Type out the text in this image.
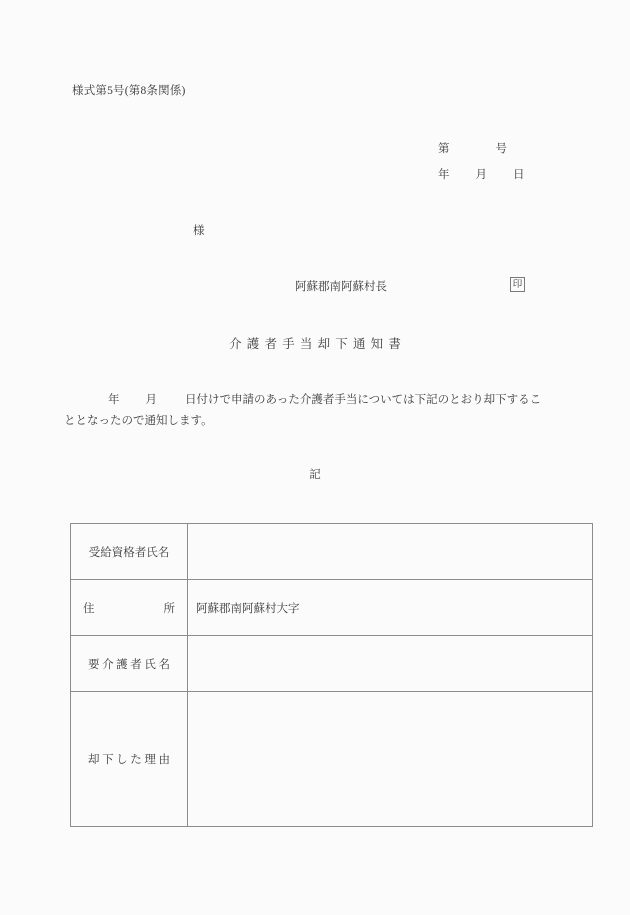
様式第5号(第8条関係)
第	号
年 月 日
様
阿蘇郡南阿蘇村長	印
介護者手当却下通知書
年 月 日付けで申請のあった介護者手当については下記のとおり却下するこ
ととなったので通知します。
記
受給資格者氏名	

住 所	阿蘇郡南阿蘇村大字
要介護者氏名	
却下した理由	
